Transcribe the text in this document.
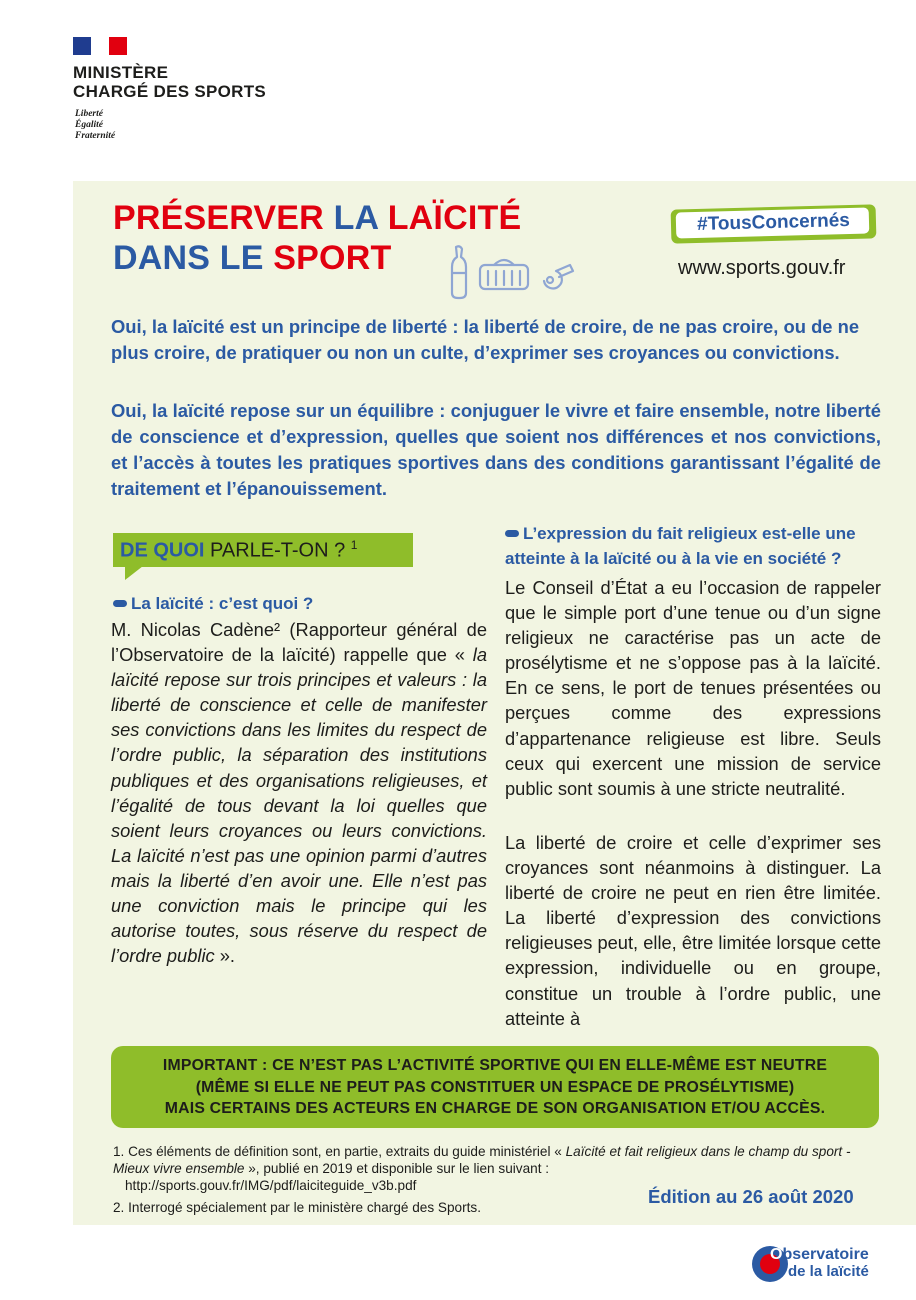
MINISTÈRE
CHARGÉ DES SPORTS
Liberté
Égalité
Fraternité
PRÉSERVER LA LAÏCITÉ
DANS LE SPORT
#TousConcernés
www.sports.gouv.fr
Oui, la laïcité est un principe de liberté : la liberté de croire, de ne pas croire, ou de ne plus croire, de pratiquer ou non un culte, d’exprimer ses croyances ou convictions.
Oui, la laïcité repose sur un équilibre : conjuguer le vivre et faire ensemble, notre liberté de conscience et d’expression, quelles que soient nos différences et nos convictions, et l’accès à toutes les pratiques sportives dans des conditions garantissant l’égalité de traitement et l’épanouissement.
DE QUOI PARLE-T-ON ? $^1$
La laïcité : c’est quoi ?
M. Nicolas Cadène² (Rapporteur général de l’Observatoire de la laïcité) rappelle que « la laïcité repose sur trois principes et valeurs : la liberté de conscience et celle de manifester ses convictions dans les limites du respect de l’ordre public, la séparation des institutions publiques et des organisations religieuses, et l’égalité de tous devant la loi quelles que soient leurs croyances ou leurs convictions. La laïcité n’est pas une opinion parmi d’autres mais la liberté d’en avoir une. Elle n’est pas une conviction mais le principe qui les autorise toutes, sous réserve du respect de l’ordre public ».
L’expression du fait religieux est-elle une atteinte à la laïcité ou à la vie en société ?
Le Conseil d’État a eu l’occasion de rappeler que le simple port d’une tenue ou d’un signe religieux ne caractérise pas un acte de prosélytisme et ne s’oppose pas à la laïcité. En ce sens, le port de tenues présentées ou perçues comme des expressions d’appartenance religieuse est libre. Seuls ceux qui exercent une mission de service public sont soumis à une stricte neutralité.
La liberté de croire et celle d’exprimer ses croyances sont néanmoins à distinguer. La liberté de croire ne peut en rien être limitée. La liberté d’expression des convictions religieuses peut, elle, être limitée lorsque cette expression, individuelle ou en groupe, constitue un trouble à l’ordre public, une atteinte à
IMPORTANT : CE N’EST PAS L’ACTIVITÉ SPORTIVE QUI EN ELLE-MÊME EST NEUTRE
(MÊME SI ELLE NE PEUT PAS CONSTITUER UN ESPACE DE PROSÉLYTISME)
MAIS CERTAINS DES ACTEURS EN CHARGE DE SON ORGANISATION ET/OU ACCÈS.
1. Ces éléments de définition sont, en partie, extraits du guide ministériel « Laïcité et fait religieux dans le champ du sport - Mieux vivre ensemble », publié en 2019 et disponible sur le lien suivant :
http://sports.gouv.fr/IMG/pdf/laiciteguide_v3b.pdf
2. Interrogé spécialement par le ministère chargé des Sports.
Édition au 26 août 2020
Observatoire
de la laïcité
